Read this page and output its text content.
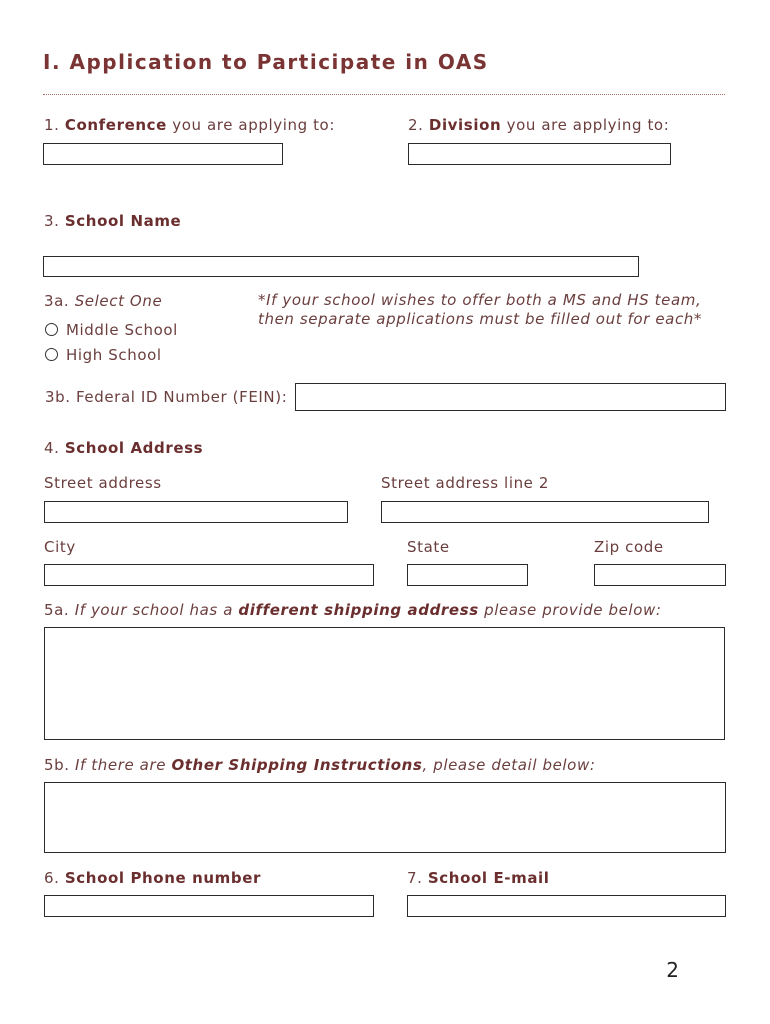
I. Application to Participate in OAS
1. Conference you are applying to:	2. Division you are applying to:
3. School Name
3a. Select One
Middle School
High School
*If your school wishes to offer both a MS and HS team,
then separate applications must be filled out for each*
3b. Federal ID Number (FEIN):
4. School Address
Street address	Street address line 2
City	State	Zip code
5a. If your school has a different shipping address please provide below:
5b. If there are Other Shipping Instructions, please detail below:
6. School Phone number	7. School E-mail
2
